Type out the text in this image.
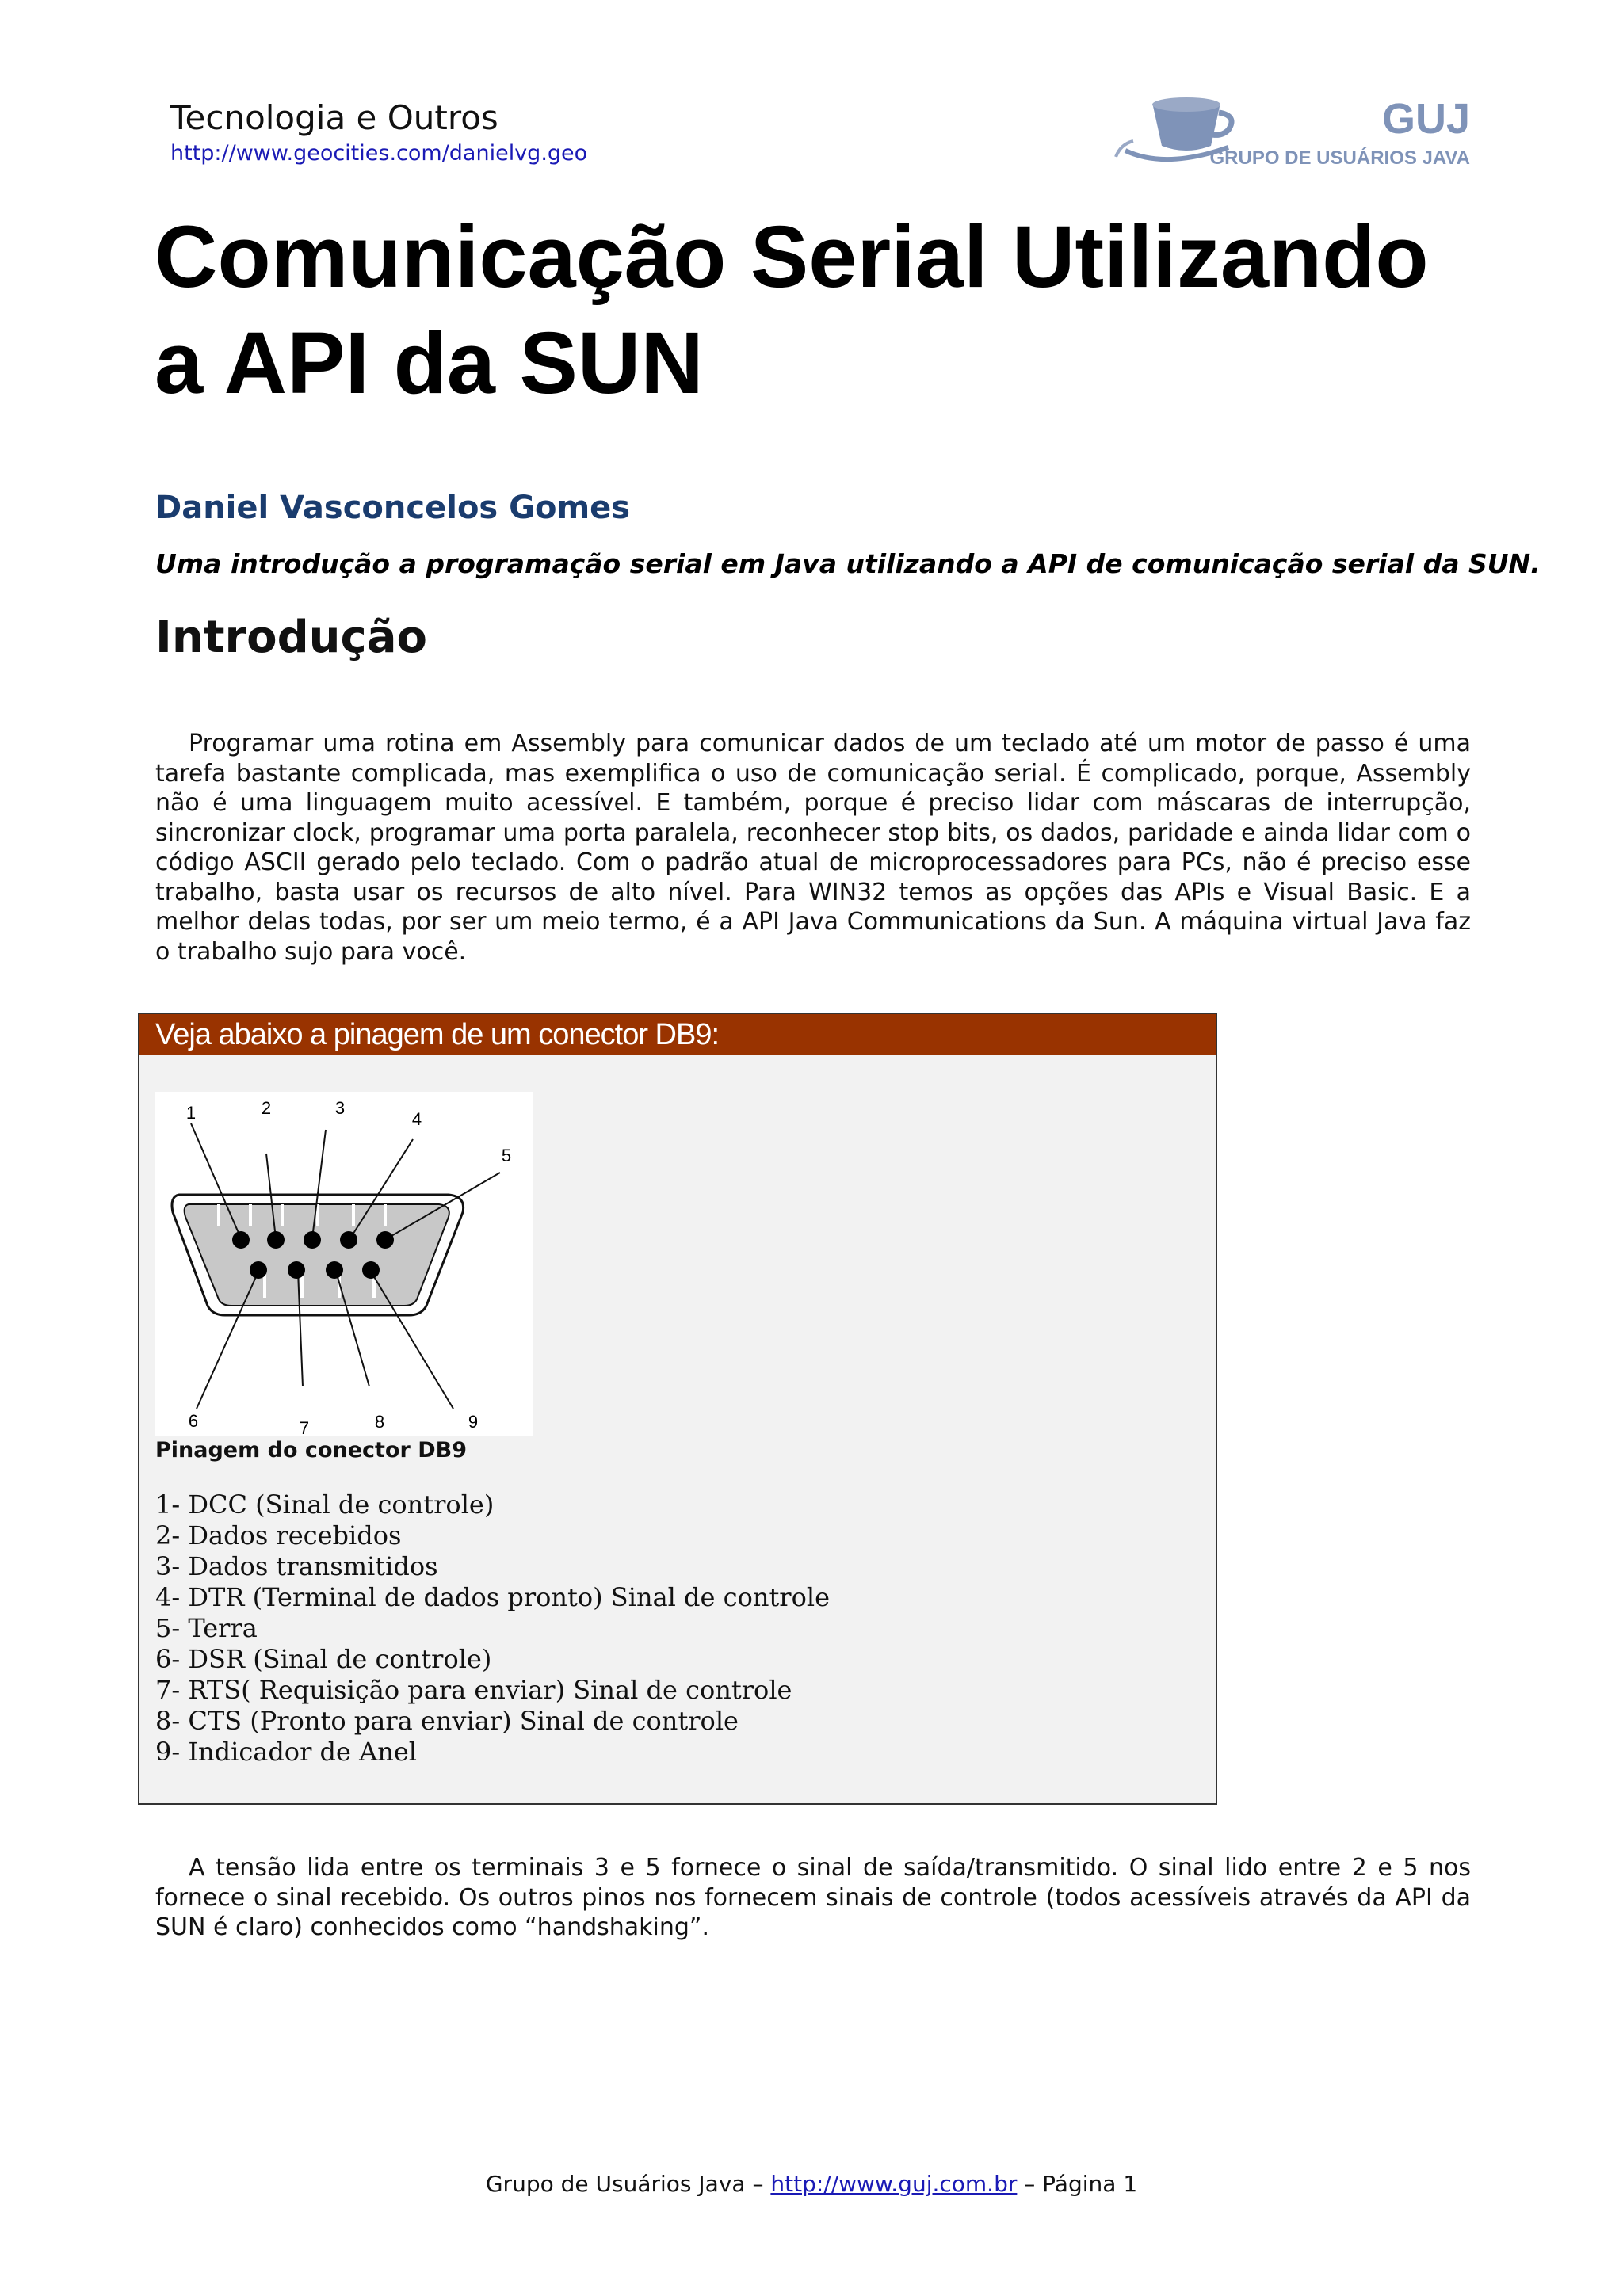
Tecnologia e Outros
http://www.geocities.com/danielvg.geo
GUJ
GRUPO DE USUÁRIOS JAVA
Comunicação Serial Utilizando
a API da SUN
Daniel Vasconcelos Gomes
Uma introdução a programação serial em Java utilizando a API de comunicação serial da SUN.
Introdução

Programar uma rotina em Assembly para comunicar dados de um teclado até um motor de passo é uma tarefa bastante complicada, mas exemplifica o uso de comunicação serial. É complicado, porque, Assembly não é uma linguagem muito acessível. E também, porque é preciso lidar com máscaras de interrupção, sincronizar clock, programar uma porta paralela, reconhecer stop bits, os dados, paridade e ainda lidar com o código ASCII gerado pelo teclado. Com o padrão atual de microprocessadores para PCs, não é preciso esse trabalho, basta usar os recursos de alto nível. Para WIN32 temos as opções das APIs e Visual Basic. E a melhor delas todas, por ser um meio termo, é a API Java Communications da Sun. A máquina virtual Java faz o trabalho sujo para você.

Veja abaixo a pinagem de um conector DB9:
1	2	3
4
5
6	7	8	9
Pinagem do conector DB9
1- DCC (Sinal de controle)
2- Dados recebidos
3- Dados transmitidos
4- DTR (Terminal de dados pronto) Sinal de controle
5- Terra
6- DSR (Sinal de controle)
7- RTS( Requisição para enviar) Sinal de controle
8- CTS (Pronto para enviar) Sinal de controle
9- Indicador de Anel

A tensão lida entre os terminais 3 e 5 fornece o sinal de saída/transmitido. O sinal lido entre 2 e 5 nos fornece o sinal recebido. Os outros pinos nos fornecem sinais de controle (todos acessíveis através da API da SUN é claro) conhecidos como “handshaking”.

Grupo de Usuários Java – http://www.guj.com.br – Página 1
